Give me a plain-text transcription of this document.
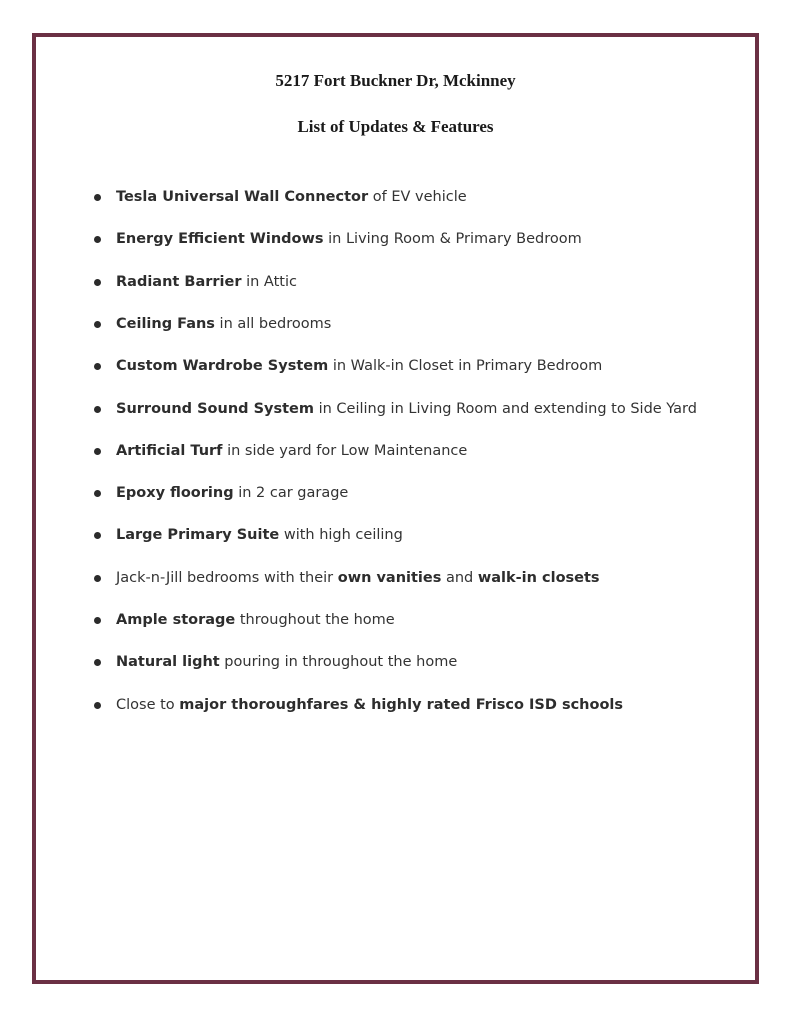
5217 Fort Buckner Dr, Mckinney
List of Updates & Features
Tesla Universal Wall Connector of EV vehicle
Energy Efficient Windows in Living Room & Primary Bedroom
Radiant Barrier in Attic
Ceiling Fans in all bedrooms
Custom Wardrobe System in Walk-in Closet in Primary Bedroom
Surround Sound System in Ceiling in Living Room and extending to Side Yard
Artificial Turf in side yard for Low Maintenance
Epoxy flooring in 2 car garage
Large Primary Suite with high ceiling
Jack-n-Jill bedrooms with their own vanities and walk-in closets
Ample storage throughout the home
Natural light pouring in throughout the home
Close to major thoroughfares & highly rated Frisco ISD schools
